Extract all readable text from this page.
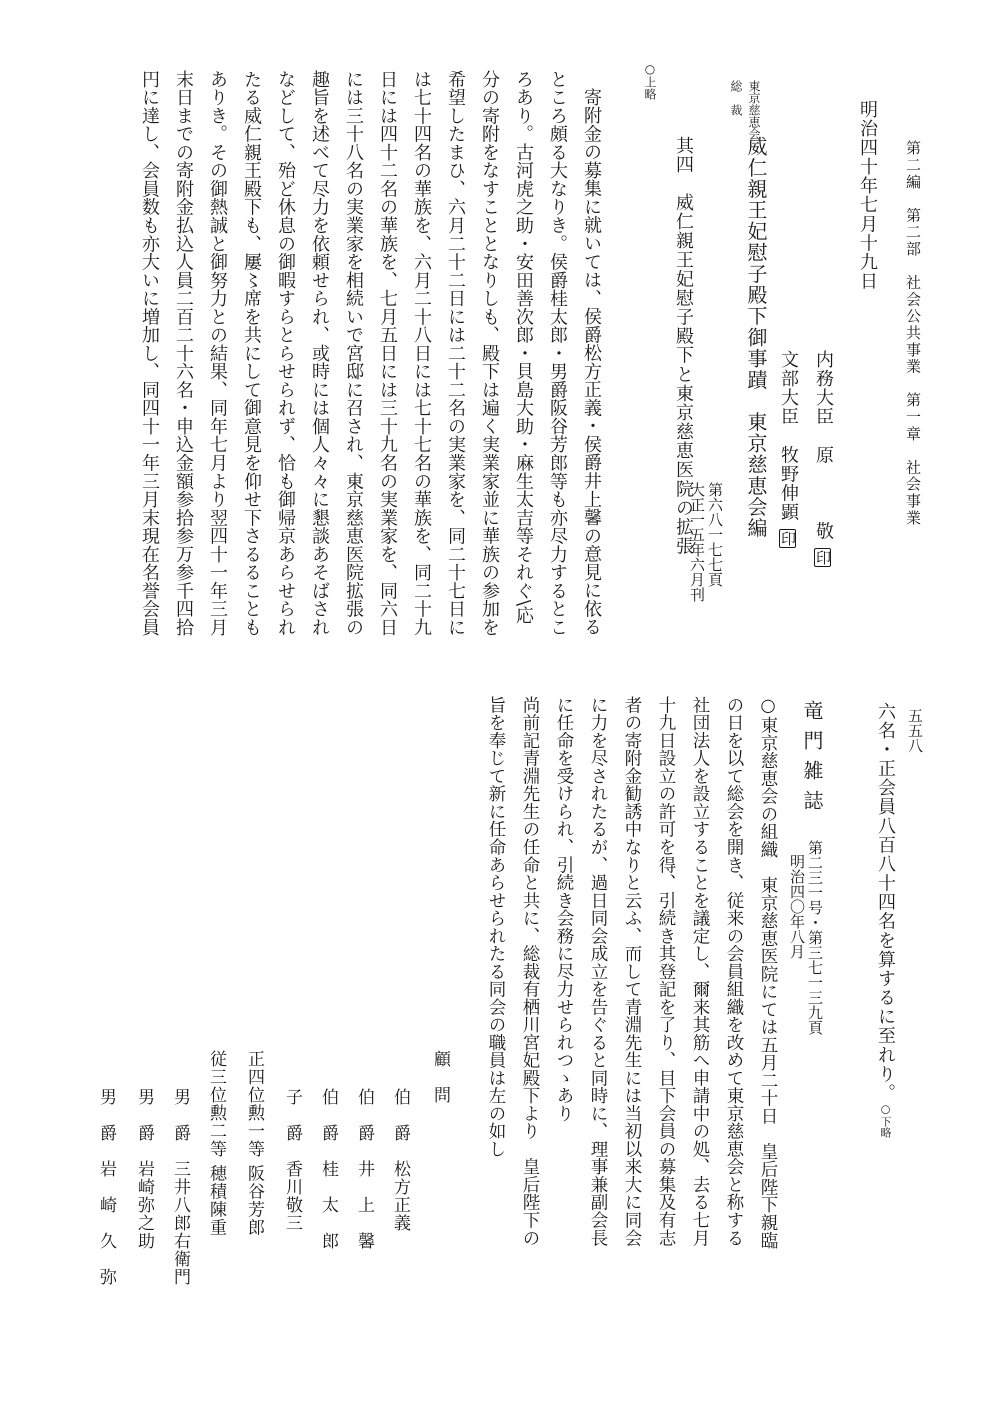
第二編　第二部　社会公共事業　第一章　社会事業
五五八
明治四十年七月十九日
内務大臣　原　　　敬 印
文部大臣　牧野伸顕 印
東京慈恵会
総　裁
威仁親王妃慰子殿下御事蹟　東京慈恵会編
第六八一七七頁
大正一五年六月刊
其四　威仁親王妃慰子殿下と東京慈恵医院の拡張
○上略
寄附金の募集に就いては、侯爵松方正義・侯爵井上馨の意見に依る
ところ頗る大なりき。侯爵桂太郎・男爵阪谷芳郎等も亦尽力するとこ
ろあり。古河虎之助・安田善次郎・貝島大助・麻生太吉等それぐ\応
分の寄附をなすこととなりしも、殿下は遍く実業家並に華族の参加を
希望したまひ、六月二十二日には二十二名の実業家を、同二十七日に
は七十四名の華族を、六月二十八日には七十七名の華族を、同二十九
日には四十二名の華族を、七月五日には三十九名の実業家を、同六日
には三十八名の実業家を相続いで宮邸に召され、東京慈恵医院拡張の
趣旨を述べて尽力を依頼せられ、或時には個人々々に懇談あそばされ
などして、殆ど休息の御暇すらとらせられず、恰も御帰京あらせられ
たる威仁親王殿下も、屢〻席を共にして御意見を仰せ下さるることも
ありき。その御熱誠と御努力との結果、同年七月より翌四十一年三月
末日までの寄附金払込人員二百二十六名・申込金額参拾参万参千四拾
円に達し、会員数も亦大いに増加し、同四十一年三月末現在名誉会員
六名・正会員八百八十四名を算するに至れり。○下略
竜門雑誌
第二三一号・第三七一三九頁
明治四〇年八月
○東京慈恵会の組織　東京慈恵医院にては五月二十日　皇后陛下親臨
の日を以て総会を開き、従来の会員組織を改めて東京慈恵会と称する
社団法人を設立することを議定し、爾来其筋へ申請中の処、去る七月
十九日設立の許可を得、引続き其登記を了り、目下会員の募集及有志
者の寄附金勧誘中なりと云ふ、而して青淵先生には当初以来大に同会
に力を尽されたるが、過日同会成立を告ぐると同時に、理事兼副会長
に任命を受けられ、引続き会務に尽力せられつゝあり
尚前記青淵先生の任命と共に、総裁有栖川宮妃殿下より　皇后陛下の
旨を奉じて新に任命あらせられたる同会の職員は左の如し
顧　問
伯　爵　松方正義
伯　爵　井　上　馨
伯　爵　桂　太　郎
子　爵　香川敬三
正四位勲一等 阪谷芳郎
従三位勲二等 穂積陳重
男　爵　三井八郎右衛門
男　爵　岩崎弥之助
男　爵　岩　崎　久　弥
